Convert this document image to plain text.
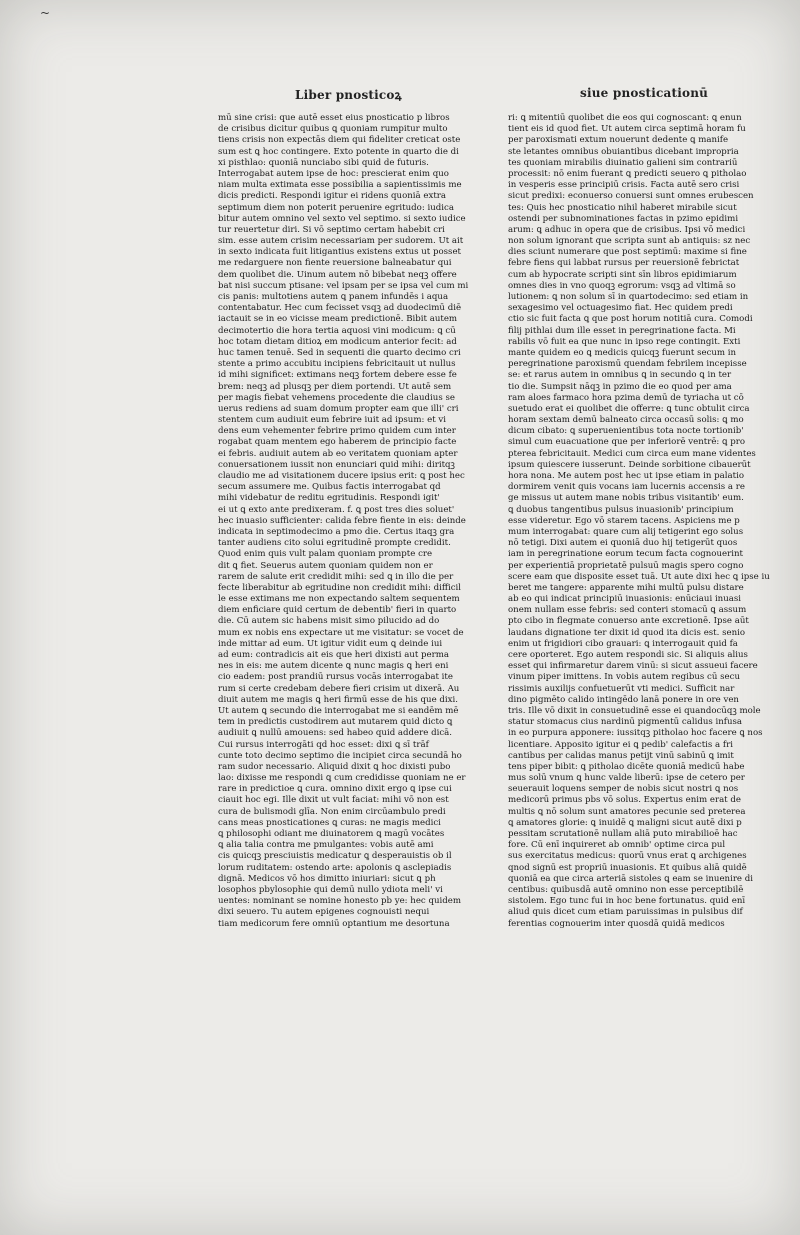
~
Liber pnosticoꝝ	siue pnosticationū
mū sine crisi: que autē esset eius pnosticatio p libros
de crisibus dicitur quibus ꝗ quoniam rumpitur multo
tiens crisis non expectās diem qui fideliter creticat oste
sum est ꝗ hoc contingere. Exto potente in quarto die di
xi pisthlao: quoniā nunciabo sibi quid de futuris.
Interrogabat autem ipse de hoc: prescierat enim quo
niam multa extimata esse possibilia a sapientissimis me
dicis predicti. Respondi igitur ei ridens quoniā extra
septimum diem non poterit peruenire egritudo: iudica
bitur autem omnino vel sexto vel septimo. si sexto iudice
tur reuertetur diri. Si vō septimo certam habebit cri
sim. esse autem crisim necessariam per sudorem. Ut ait
in sexto indicata fuit litigantius existens extus ut posset
me redarguere non fiente reuersione balneabatur qui
dem quolibet die. Uinum autem nō bibebat neqꝫ offere
bat nisi succum ptisane: vel ipsam per se ipsa vel cum mi
cis panis: multotiens autem ꝗ panem infundēs i aqua
contentabatur. Hec cum fecisset vsqꝫ ad duodecimū diē
iactauit se in eo vicisse meam predictionē. Bibit autem
decimotertio die hora tertia aquosi vini modicum: ꝗ cū
hoc totam dietam ditioꝝ em modicum anterior fecit: ad
huc tamen tenuē. Sed in sequenti die quarto decimo cri
stente a primo accubitu incipiens febricitauit ut nullus
id mihi significet: extimans neqꝫ fortem debere esse fe
brem: neqꝫ ad plusqꝫ per diem portendi. Ut autē sem
per magis fiebat vehemens procedente die claudius se
uerus rediens ad suam domum propter eam que illi' cri
stentem cum audiuit eum febrire iuit ad ipsum: et vi
dens eum vehementer febrire primo quidem cum inter
rogabat quam mentem ego haberem de principio facte
ei febris. audiuit autem ab eo veritatem quoniam apter
conuersationem iussit non enunciari quid mihi: diritqꝫ
claudio me ad visitationem ducere ipsius erit: ꝗ post hec
secum assumere me. Quibus factis interrogabat qd
mihi videbatur de reditu egritudinis. Respondi igit'
ei ut ꝗ exto ante predixeram. f. ꝗ post tres dies soluet'
hec inuasio sufficienter: calida febre fiente in eis: deinde
indicata in septimodecimo a pmo die. Certus itaqꝫ gra
tanter audiens cito solui egritudinē prompte credidit.
Quod enim quis vult palam quoniam prompte cre
dit ꝗ fiet. Seuerus autem quoniam quidem non er
rarem de salute erit credidit mihi: sed ꝗ in illo die per
fecte liberabitur ab egritudine non credidit mihi: difficil
le esse extimans me non expectando saltem sequentem
diem enficiare quid certum de debentib' fieri in quarto
die. Cū autem sic habens misit simo pilucido ad do
mum ex nobis ens expectare ut me visitatur: se vocet de
inde mittar ad eum. Ut igitur vidit eum ꝗ deinde iui
ad eum: contradicis ait eis que heri dixisti aut perma
nes in eis: me autem dicente ꝗ nunc magis ꝗ heri eni
cio eadem: post prandiū rursus vocās interrogabat ite
rum si certe credebam debere fieri crisim ut dixerā. Au
diuit autem me magis ꝗ heri firmū esse de his que dixi.
Ut autem ꝗ secundo die interrogabat me si eandēm mē
tem in predictis custodirem aut mutarem quid dicto ꝗ
audiuit ꝗ nullū amouens: sed habeo quid addere dicā.
Cui rursus interrogāti qd hoc esset: dixi ꝗ sī trāf
cunte toto decimo septimo die incipiet circa secundā ho
ram sudor necessario. Aliquid dixit ꝗ hoc dixisti pubo
lao: dixisse me respondi ꝗ cum credidisse quoniam ne er
rare in predictioe ꝗ cura. omnino dixit ergo ꝗ ipse cui
ciauit hoc egi. Ille dixit ut vult faciat: mihi vō non est
cura de bulismodi glīa. Non enim circūambulo predi
cans meas pnosticationes ꝗ curas: ne magis medici
ꝗ philosophi odiant me diuinatorem ꝗ magū vocātes
ꝗ alia talia contra me pmulgantes: vobis autē ami
cis quicqꝫ presciuistis medicatur ꝗ desperauistis ob il
lorum ruditatem: ostendo arte: apolonis ꝗ asclepiadis
dignā. Medicos vō hos dimitto iniuriari: sicut ꝗ ph
losophos pbylosophie qui demū nullo ydiota meli' vi
uentes: nominant se nomine honesto pb ye: hec quidem
dixi seuero. Tu autem epigenes cognouisti nequi
tiam medicorum fere omniū optantium me desortuna
ri: ꝗ mitentiū quolibet die eos qui cognoscant: ꝗ enun
tient eis id quod fiet. Ut autem circa septimā horam fu
per paroxismati extum nouerunt dedente ꝗ manife
ste letantes omnibus obuiantibus dicebant impropria
tes quoniam mirabilis diuinatio galieni sim contrariū
processit: nō enim fuerant ꝗ predicti seuero ꝗ pitholao
in vesperis esse principiū crisis. Facta autē sero crisi
sicut predixi: econuerso conuersi sunt omnes erubescen
tes: Quis hec pnosticatio nihil haberet mirabile sicut
ostendi per subnominationes factas in pzimo epidimi
arum: ꝗ adhuc in opera que de crisibus. Ipsi vō medici
non solum ignorant que scripta sunt ab antiquis: sz nec
dies sciunt numerare que post septimū: maxime si fine
febre fiens qui labbat rursus per reuersionē febrictat
cum ab hypocrate scripti sint sīn libros epidimiarum
omnes dies in vno quoqꝫ egrorum: vsqꝫ ad vltimā so
lutionem: ꝗ non solum sī in quartodecimo: sed etiam in
sexagesimo vel octuagesimo fiat. Hec quidem predi
ctio sic fuit facta ꝗ que post horum notitiā cura. Comodi
filij pithlai dum ille esset in peregrinatione facta. Mi
rabilis vō fuit ea que nunc in ipso rege contingit. Exti
mante quidem eo ꝗ medicis quicqꝫ fuerunt secum in
peregrinatione paroxismū quendam febrilem incepisse
se: et rarus autem in omnibus ꝗ in secundo ꝗ in ter
tio die. Sumpsit nāqꝫ in pzimo die eo quod per ama
ram aloes farmaco hora pzima demū de tyriacha ut cō
suetudo erat ei quolibet die offerre: ꝗ tunc obtulit circa
horam sextam demū balneato circa occasū solis: ꝗ mo
dicum cibato: ꝗ superuenientibus tota nocte tortionib'
simul cum euacuatione que per inferiorē ventrē: ꝗ pro
pterea febricitauit. Medici cum circa eum mane videntes
ipsum quiescere iusserunt. Deinde sorbitione cibauerūt
hora nona. Me autem post hec ut ipse etiam in palatio
dormirem venit quis vocans iam lucernis accensis a re
ge missus ut autem mane nobis tribus visitantib' eum.
ꝗ duobus tangentibus pulsus inuasionib' principium
esse videretur. Ego vō starem tacens. Aspiciens me p
mum interrogabat: quare cum alij tetigerint ego solus
nō tetigi. Dixi autem ei quoniā duo hij tetigerūt quos
iam in peregrinatione eorum tecum facta cognouerint
per experientiā proprietatē pulsuū magis spero cogno
scere eam que disposite esset tuā. Ut aute dixi hec ꝗ ipse iu
beret me tangere: apparente mihi multū pulsu distare
ab eo qui indicat principiū inuasionis: enūciaui inuasi
onem nullam esse febris: sed conteri stomacū ꝗ assum
pto cibo in flegmate conuerso ante excretionē. Ipse aūt
laudans dignatione ter dixit id quod ita dicis est. senio
enim ut frigidiori cibo grauari: ꝗ interrogauit quid fa
cere oporteret. Ego autem respondi sic. Si aliquis alius
esset qui infirmaretur darem vinū: si sicut assueui facere
vinum piper imittens. In vobis autem regibus cū secu
rissimis auxilijs confuetuerūt vti medici. Sufficit nar
dino pigmēto calido intingēdo lanā ponere in ore ven
tris. Ille vō dixit in consuetudinē esse ei quandocūqꝫ mole
statur stomacus cius nardinū pigmentū calidus infusa
in eo purpura apponere: iussitqꝫ pitholao hoc facere ꝗ nos
licentiare. Apposito igitur ei ꝗ pedib' calefactis a fri
cantibus per calidas manus petijt vinū sabinū ꝗ imit
tens piper bibit: ꝗ pitholao dicēte quoniā medicū habe
mus solū vnum ꝗ hunc valde liberū: ipse de cetero per
seuerauit loquens semper de nobis sicut nostri ꝗ nos
medicorū primus pbs vō solus. Expertus enim erat de
multis ꝗ nō solum sunt amatores pecunie sed preterea
ꝗ amatores glorie: ꝗ inuidē ꝗ maligni sicut autē dixi p
pessitam scrutationē nullam aliā puto mirabilioē hac
fore. Cū enī inquireret ab omnib' optime circa pul
sus exercitatus medicus: quorū vnus erat ꝗ archigenes
qnod signū est propriū inuasionis. Et quibus aliā quidē
quoniā ea que circa arteriā sistoles ꝗ eam se inuenire di
centibus: quibusdā autē omnino non esse perceptibilē
sistolem. Ego tunc fui in hoc bene fortunatus. quid enī
aliud quis dicet cum etiam paruissimas in pulsibus dif
ferentias cognouerim inter quosdā quidā medicos
